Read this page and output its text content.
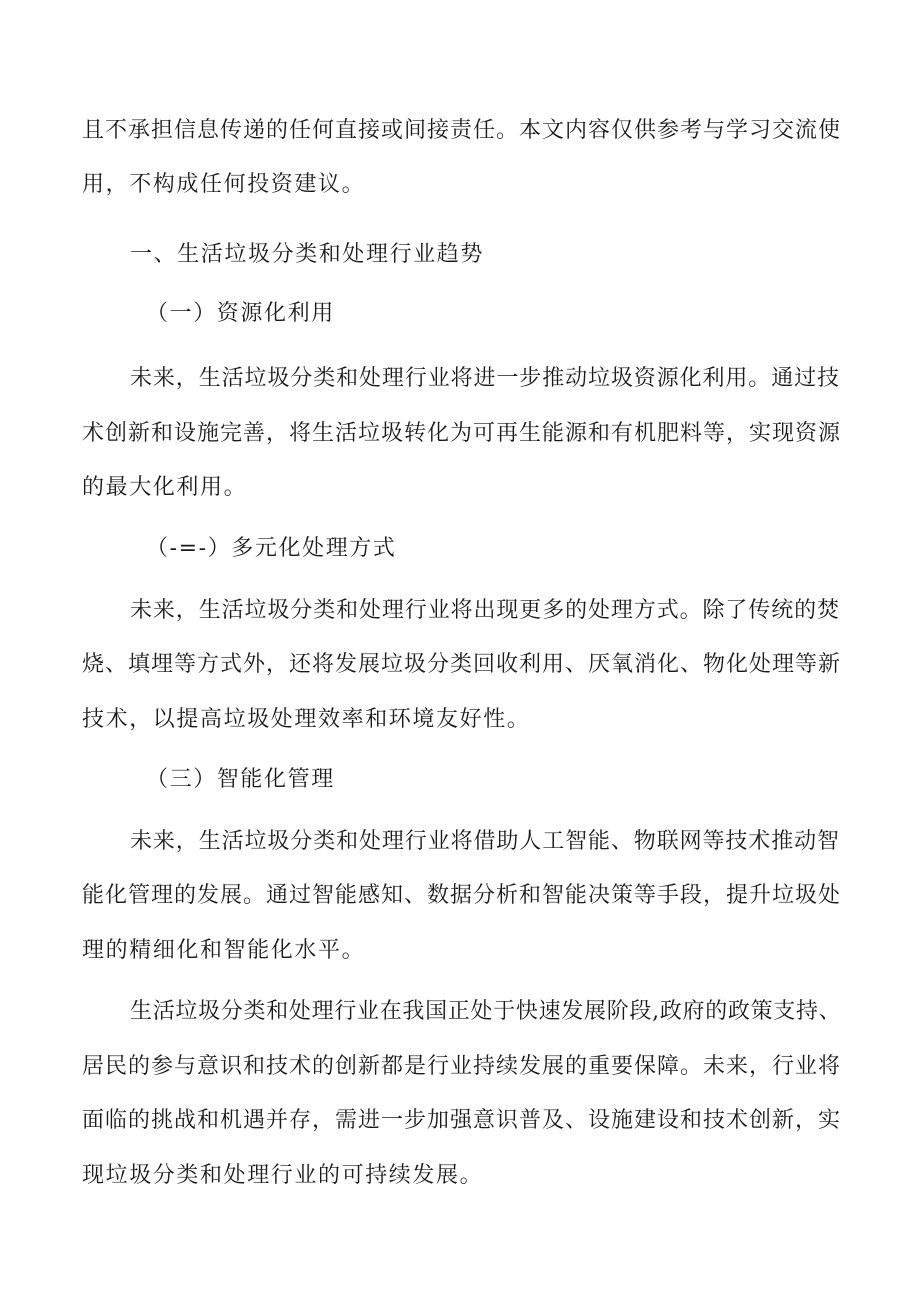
且不承担信息传递的任何直接或间接责任。本文内容仅供参考与学习交流使
用，不构成任何投资建议。
一、生活垃圾分类和处理行业趋势
（一）资源化利用
未来，生活垃圾分类和处理行业将进一步推动垃圾资源化利用。通过技
术创新和设施完善，将生活垃圾转化为可再生能源和有机肥料等，实现资源
的最大化利用。
（-=-）多元化处理方式
未来，生活垃圾分类和处理行业将出现更多的处理方式。除了传统的焚
烧、填埋等方式外，还将发展垃圾分类回收利用、厌氧消化、物化处理等新
技术，以提高垃圾处理效率和环境友好性。
（三）智能化管理
未来，生活垃圾分类和处理行业将借助人工智能、物联网等技术推动智
能化管理的发展。通过智能感知、数据分析和智能决策等手段，提升垃圾处
理的精细化和智能化水平。
生活垃圾分类和处理行业在我国正处于快速发展阶段,政府的政策支持、
居民的参与意识和技术的创新都是行业持续发展的重要保障。未来，行业将
面临的挑战和机遇并存，需进一步加强意识普及、设施建设和技术创新，实
现垃圾分类和处理行业的可持续发展。
